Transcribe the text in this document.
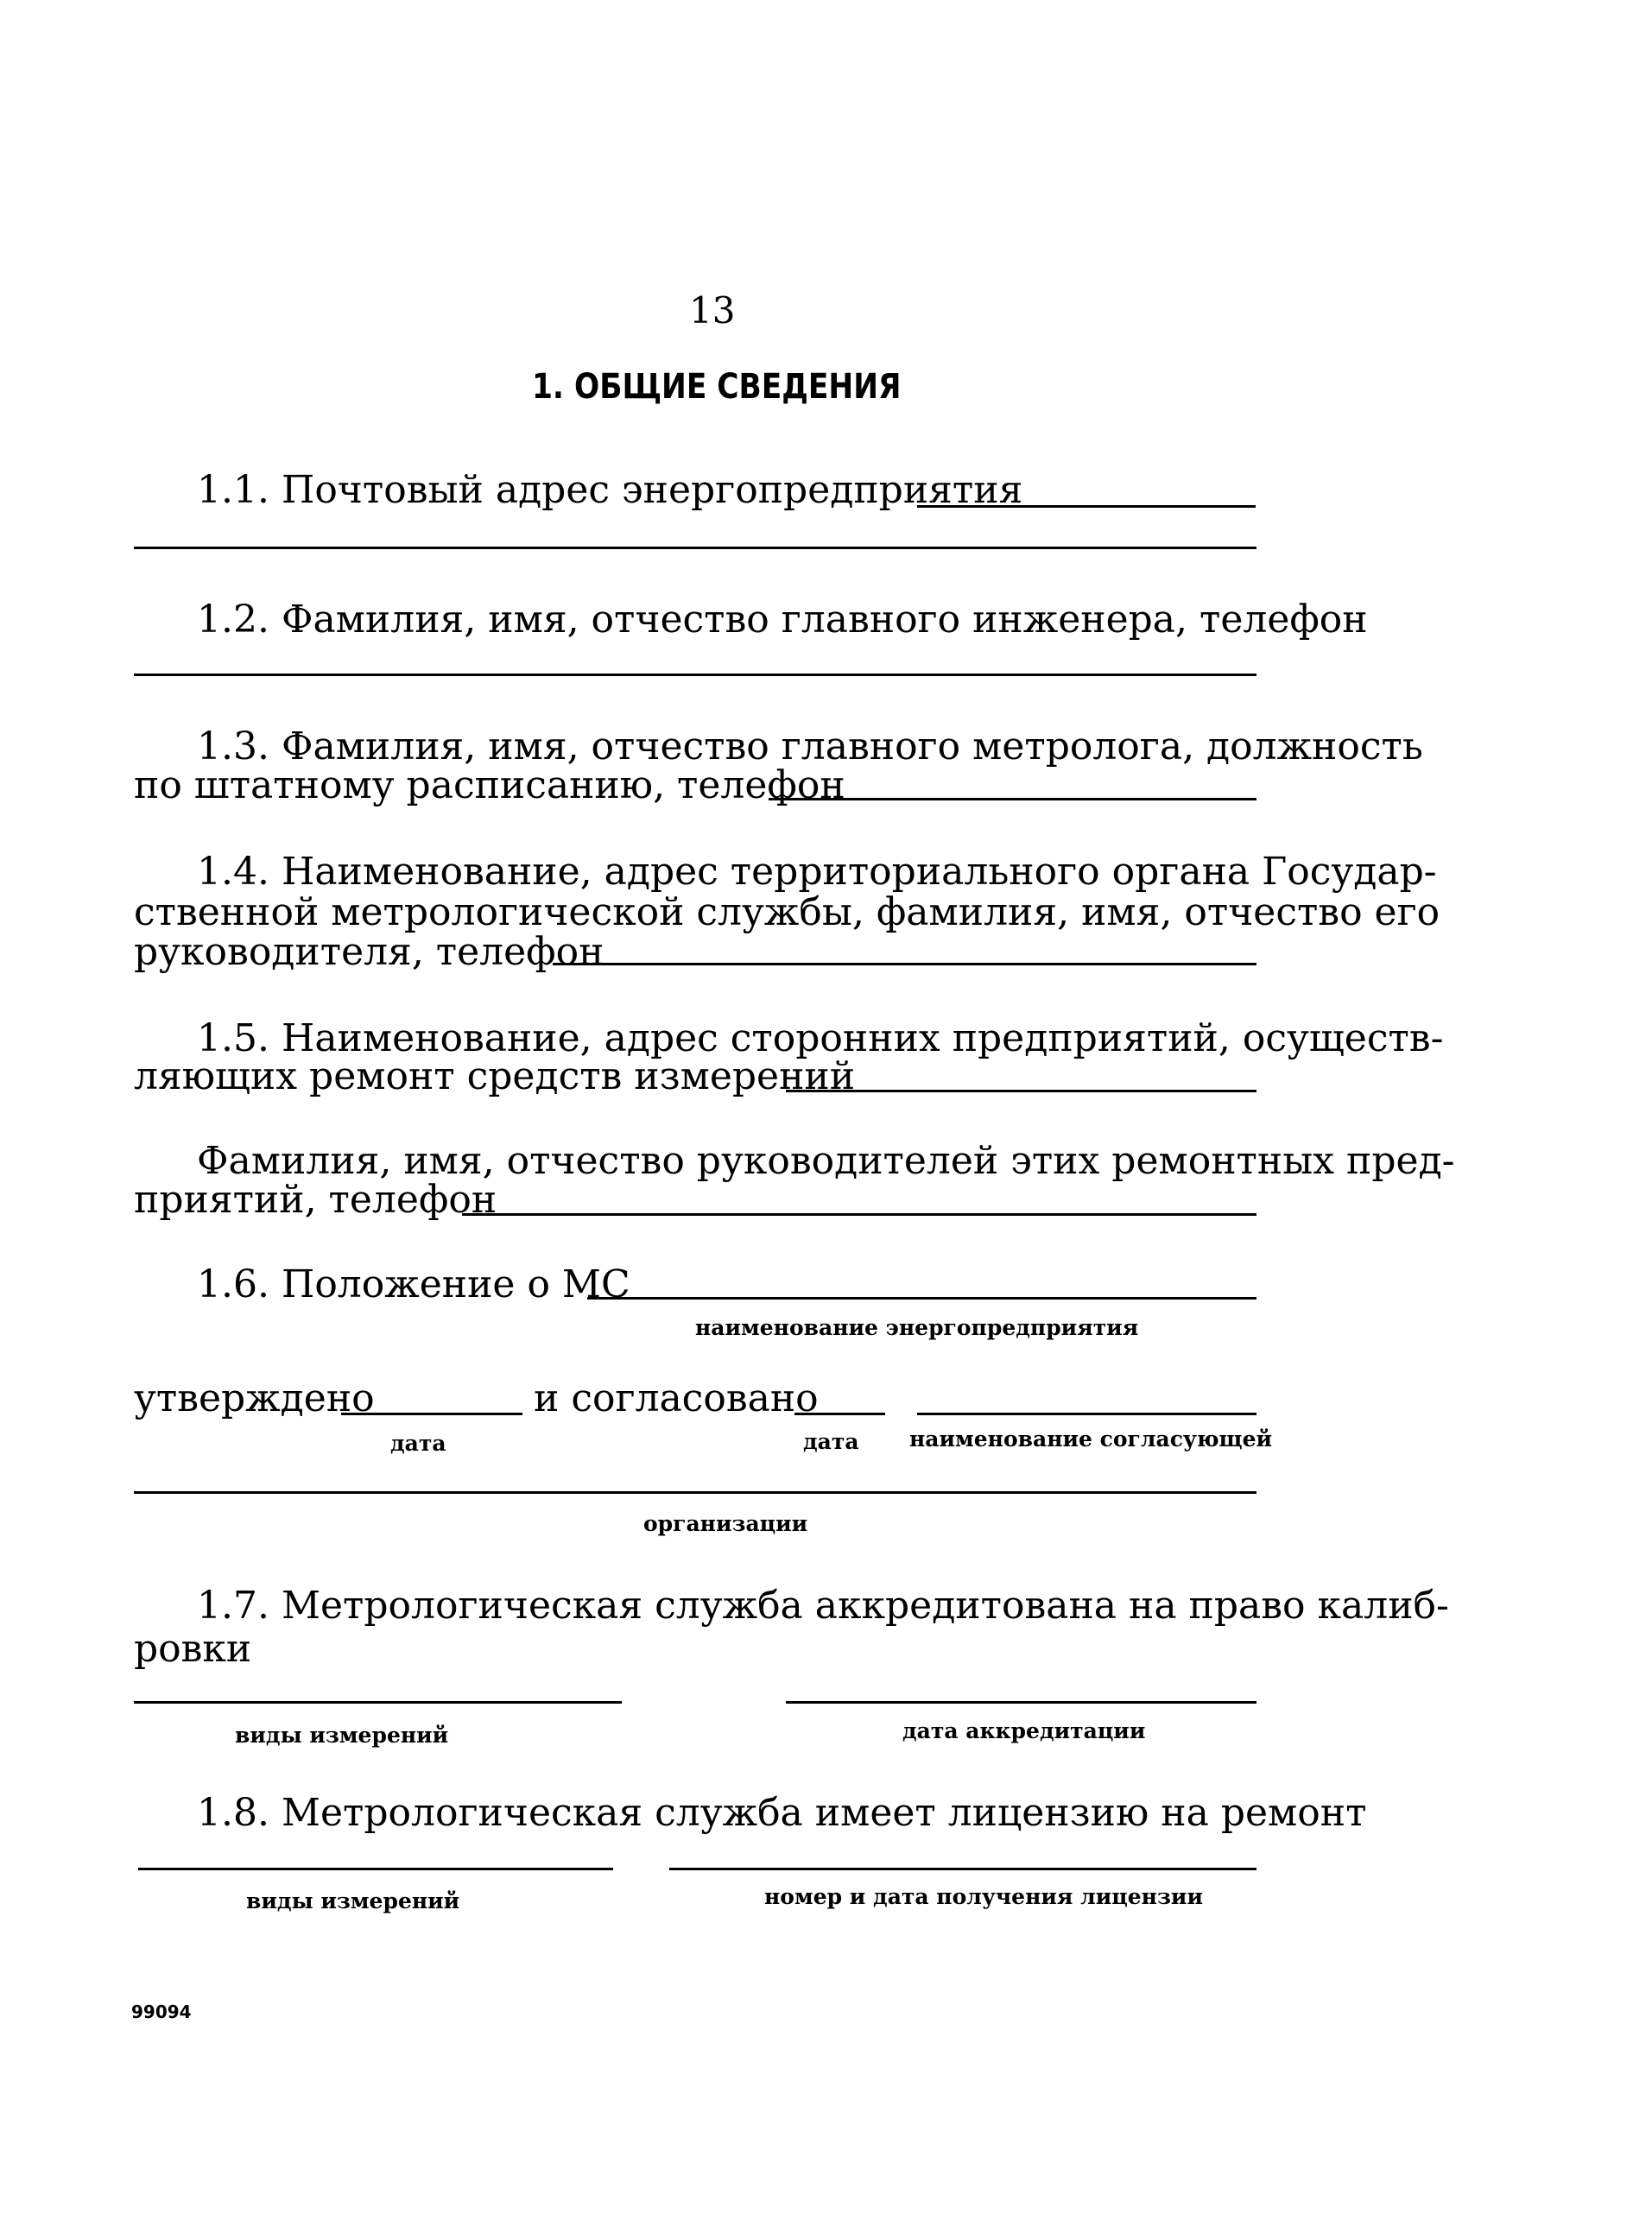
13
1. ОБЩИЕ СВЕДЕНИЯ
1.1. Почтовый адрес энергопредприятия
1.2. Фамилия, имя, отчество главного инженера, телефон
1.3. Фамилия, имя, отчество главного метролога, должность
по штатному расписанию, телефон
1.4. Наименование, адрес территориального органа Государ-
ственной метрологической службы, фамилия, имя, отчество его
руководителя, телефон
1.5. Наименование, адрес сторонних предприятий, осуществ-
ляющих ремонт средств измерений
Фамилия, имя, отчество руководителей этих ремонтных пред-
приятий, телефон
1.6. Положение о МС
наименование энергопредприятия
утверждено	и согласовано
дата	дата наименование согласующей
организации
1.7. Метрологическая служба аккредитована на право калиб-
ровки
виды измерений	дата аккредитации
1.8. Метрологическая служба имеет лицензию на ремонт
виды измерений	номер и дата получения лицензии
99094
